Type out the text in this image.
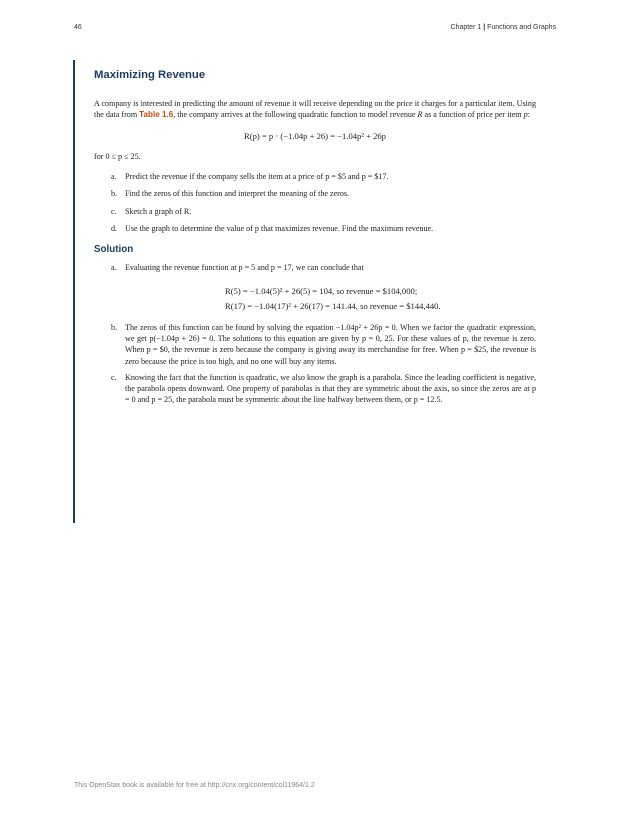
46	Chapter 1 | Functions and Graphs
Maximizing Revenue

A company is interested in predicting the amount of revenue it will receive depending on the price it charges for a particular item. Using the data from Table 1.6, the company arrives at the following quadratic function to model revenue R as a function of price per item p:

R(p) = p · (−1.04p + 26) = −1.04p² + 26p

for 0 ≤ p ≤ 25.

a. Predict the revenue if the company sells the item at a price of p = $5 and p = $17.
b. Find the zeros of this function and interpret the meaning of the zeros.
c. Sketch a graph of R.
d. Use the graph to determine the value of p that maximizes revenue. Find the maximum revenue.
Solution
a. Evaluating the revenue function at p = 5 and p = 17, we can conclude that
R(5) = −1.04(5)² + 26(5) = 104, so revenue = $104,000;
R(17) = −1.04(17)² + 26(17) = 141.44, so revenue = $144,440.
b. The zeros of this function can be found by solving the equation −1.04p² + 26p = 0. When we factor the quadratic expression, we get p(−1.04p + 26) = 0. The solutions to this equation are given by p = 0, 25. For these values of p, the revenue is zero. When p = $0, the revenue is zero because the company is giving away its merchandise for free. When p = $25, the revenue is zero because the price is too high, and no one will buy any items.
c. Knowing the fact that the function is quadratic, we also know the graph is a parabola. Since the leading coefficient is negative, the parabola opens downward. One property of parabolas is that they are symmetric about the axis, so since the zeros are at p = 0 and p = 25, the parabola must be symmetric about the line halfway between them, or p = 12.5.
This OpenStax book is available for free at http://cnx.org/content/col11964/1.2
